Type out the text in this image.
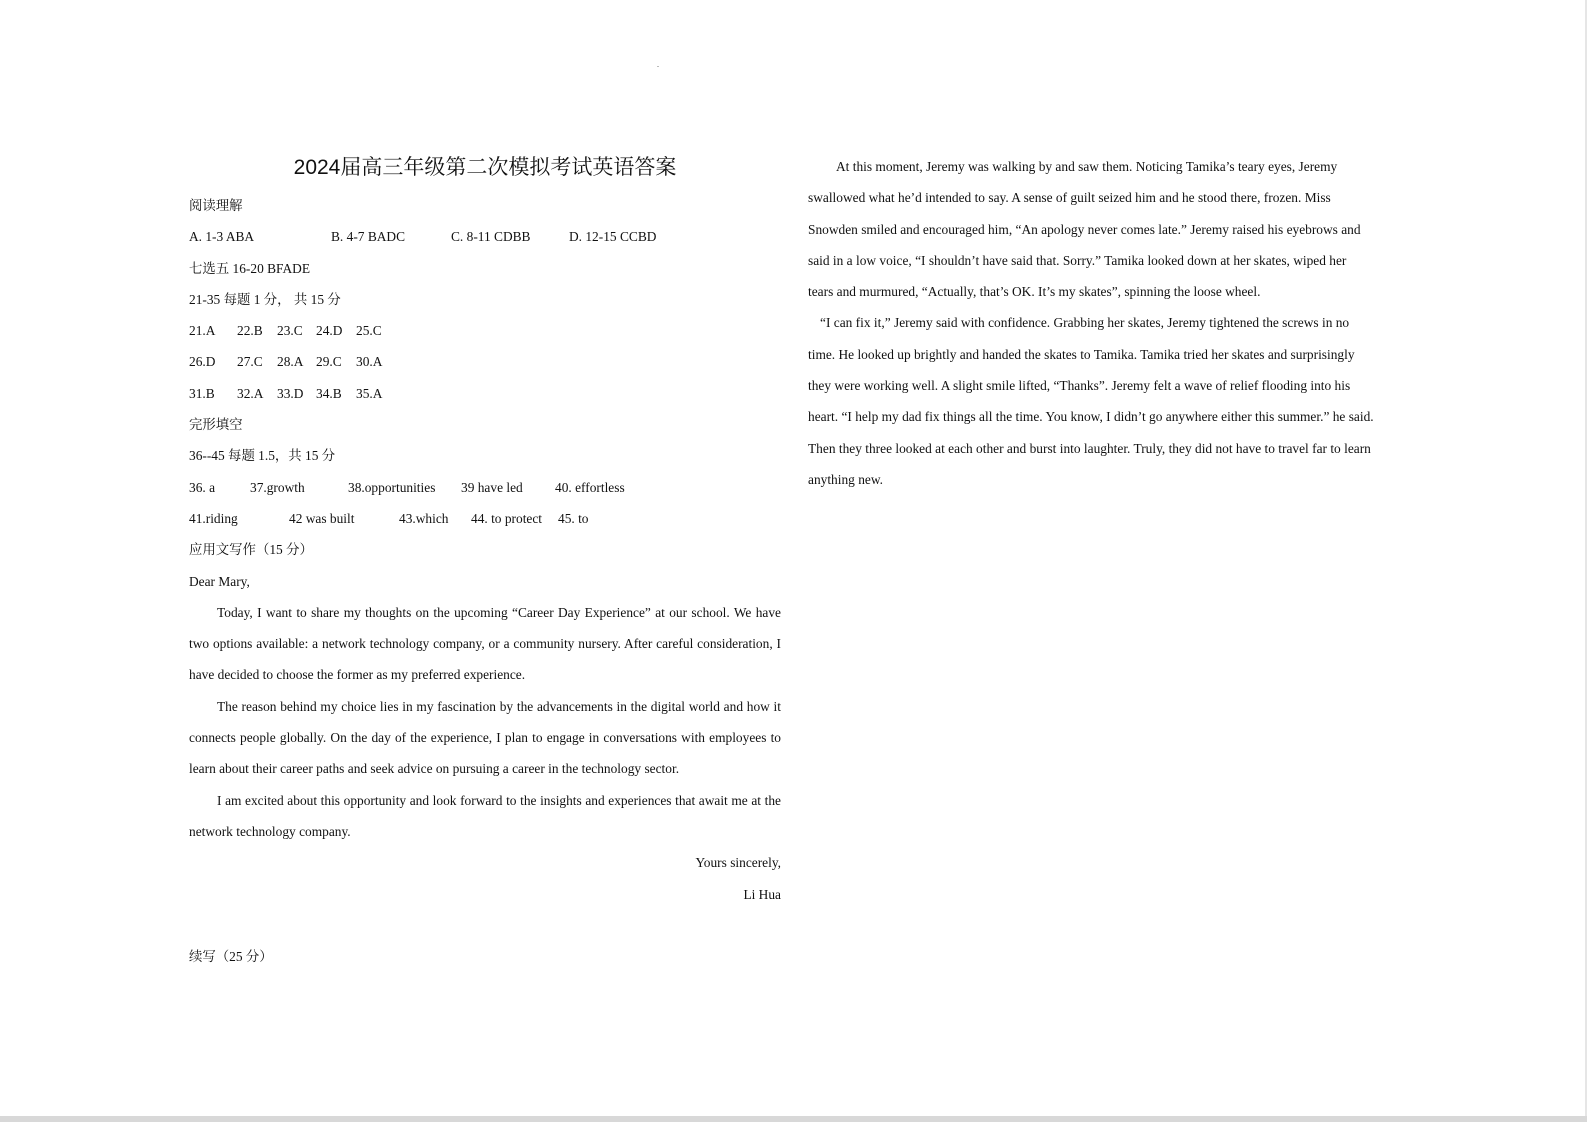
2024届高三年级第二次模拟考试英语答案
阅读理解
A. 1-3 ABA	B. 4-7 BADC	C. 8-11 CDBB	D. 12-15 CCBD
七选五 16-20 BFADE
21-35 每题 1 分， 共 15 分
21.A	22.B	23.C 24.D	25.C
26.D	27.C	28.A 29.C	30.A
31.B	32.A	33.D 34.B	35.A
完形填空
36--45 每题 1.5，共 15 分
36. a	37.growth	38.opportunities	39 have led	40. effortless
41.riding	42 was built	43.which	44. to protect	45. to
应用文写作（15 分）
Dear Mary,
Today, I want to share my thoughts on the upcoming “Career Day Experience” at our school. We have two options available: a network technology company, or a community nursery. After careful consideration, I have decided to choose the former as my preferred experience.
The reason behind my choice lies in my fascination by the advancements in the digital world and how it connects people globally. On the day of the experience, I plan to engage in conversations with employees to learn about their career paths and seek advice on pursuing a career in the technology sector.
I am excited about this opportunity and look forward to the insights and experiences that await me at the network technology company.
Yours sincerely,
Li Hua
续写（25 分）
At this moment, Jeremy was walking by and saw them. Noticing Tamika’s teary eyes, Jeremy
swallowed what he’d intended to say. A sense of guilt seized him and he stood there, frozen. Miss
Snowden smiled and encouraged him, “An apology never comes late.” Jeremy raised his eyebrows and
said in a low voice, “I shouldn’t have said that. Sorry.” Tamika looked down at her skates, wiped her
tears and murmured, “Actually, that’s OK. It’s my skates”, spinning the loose wheel.
“I can fix it,” Jeremy said with confidence. Grabbing her skates, Jeremy tightened the screws in no
time. He looked up brightly and handed the skates to Tamika. Tamika tried her skates and surprisingly
they were working well. A slight smile lifted, “Thanks”. Jeremy felt a wave of relief flooding into his
heart. “I help my dad fix things all the time. You know, I didn’t go anywhere either this summer.” he said.
Then they three looked at each other and burst into laughter. Truly, they did not have to travel far to learn
anything new.
